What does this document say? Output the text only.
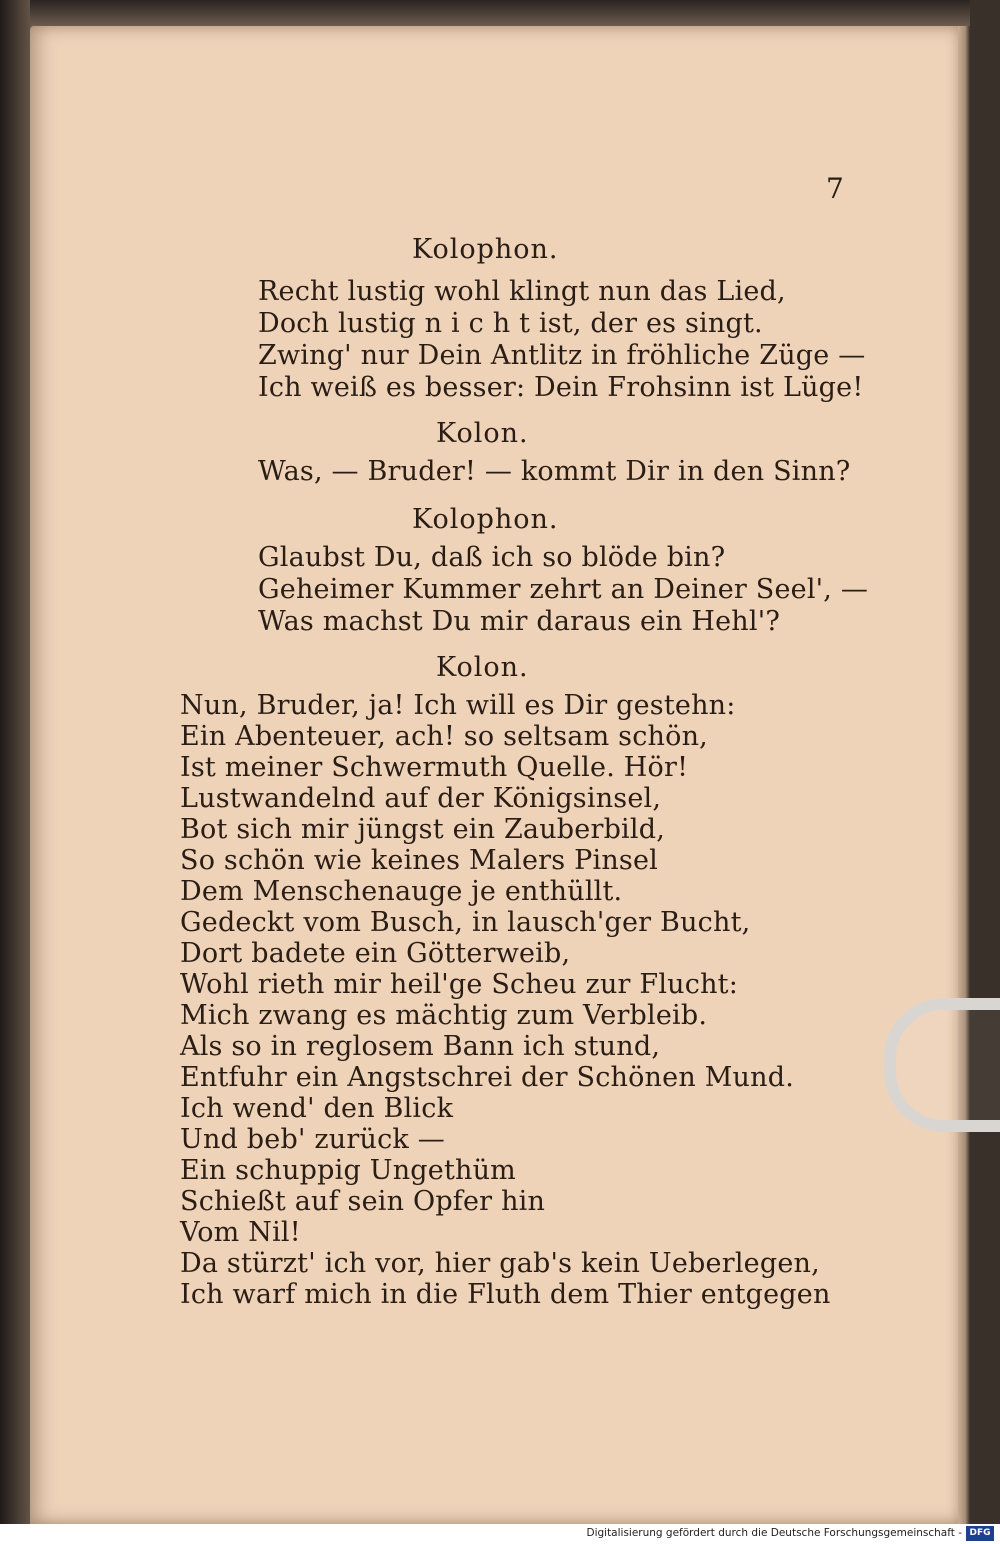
7
Kolophon.
Recht lustig wohl klingt nun das Lied,
Doch lustig n i c h t ist, der es singt.
Zwing' nur Dein Antlitz in fröhliche Züge —
Ich weiß es besser: Dein Frohsinn ist Lüge!
Kolon.
Was, — Bruder! — kommt Dir in den Sinn?
Kolophon.
Glaubst Du, daß ich so blöde bin?
Geheimer Kummer zehrt an Deiner Seel', —
Was machst Du mir daraus ein Hehl'?
Kolon.
Nun, Bruder, ja! Ich will es Dir gestehn:
Ein Abenteuer, ach! so seltsam schön,
Ist meiner Schwermuth Quelle. Hör!
Lustwandelnd auf der Königsinsel,
Bot sich mir jüngst ein Zauberbild,
So schön wie keines Malers Pinsel
Dem Menschenauge je enthüllt.
Gedeckt vom Busch, in lausch'ger Bucht,
Dort badete ein Götterweib,
Wohl rieth mir heil'ge Scheu zur Flucht:
Mich zwang es mächtig zum Verbleib.
Als so in reglosem Bann ich stund,
Entfuhr ein Angstschrei der Schönen Mund.
Ich wend' den Blick
Und beb' zurück —
Ein schuppig Ungethüm
Schießt auf sein Opfer hin
Vom Nil!
Da stürzt' ich vor, hier gab's kein Ueberlegen,
Ich warf mich in die Fluth dem Thier entgegen
Digitalisierung gefördert durch die Deutsche Forschungsgemeinschaft - DFG
